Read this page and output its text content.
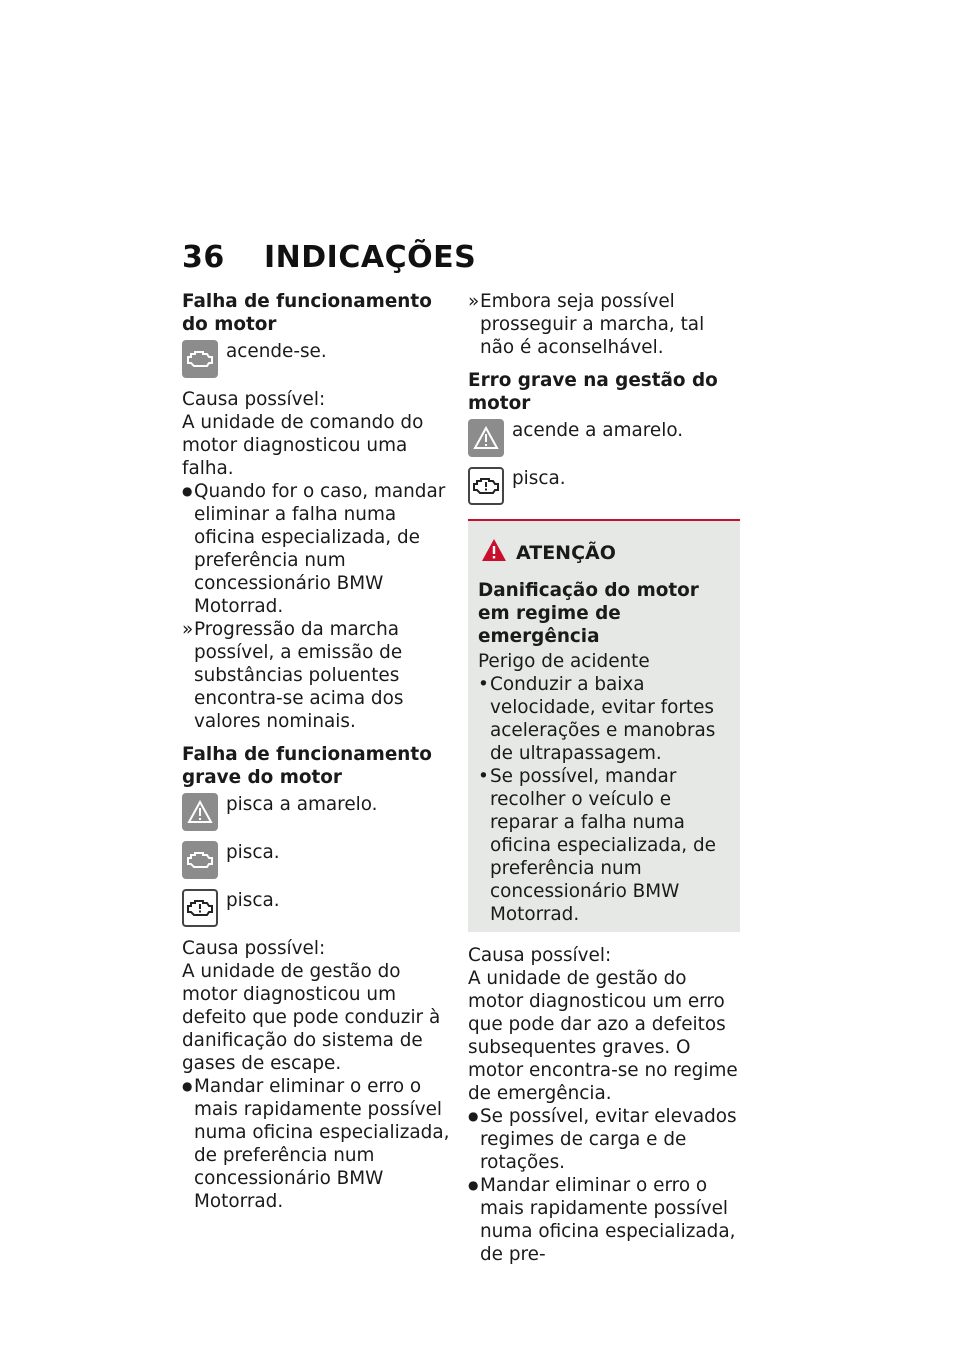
36 INDICAÇÕES

Falha de funcionamento do motor

acende-se.

Causa possível:

A unidade de comando do motor diagnosticou uma falha.

● Quando for o caso, mandar eliminar a falha numa oficina especializada, de preferência num concessionário BMW Motorrad.
» Progressão da marcha possível, a emissão de substâncias poluentes encontra-se acima dos valores nominais.

Falha de funcionamento grave do motor

pisca a amarelo.
pisca.
pisca.

Causa possível:

A unidade de gestão do motor diagnosticou um defeito que pode conduzir à danificação do sistema de gases de escape.

● Mandar eliminar o erro o mais rapidamente possível numa oficina especializada, de preferência num concessionário BMW Motorrad.
» Embora seja possível prosseguir a marcha, tal não é aconselhável.

Erro grave na gestão do motor

acende a amarelo.
pisca.
ATENÇÃO

Danificação do motor em regime de emergência

Perigo de acidente

• Conduzir a baixa velocidade, evitar fortes acelerações e manobras de ultrapassagem.
• Se possível, mandar recolher o veículo e reparar a falha numa oficina especializada, de preferência num concessionário BMW Motorrad.

Causa possível:

A unidade de gestão do motor diagnosticou um erro que pode dar azo a defeitos subsequentes graves. O motor encontra-se no regime de emergência.

● Se possível, evitar elevados regimes de carga e de rotações.
● Mandar eliminar o erro o mais rapidamente possível numa oficina especializada, de pre-
